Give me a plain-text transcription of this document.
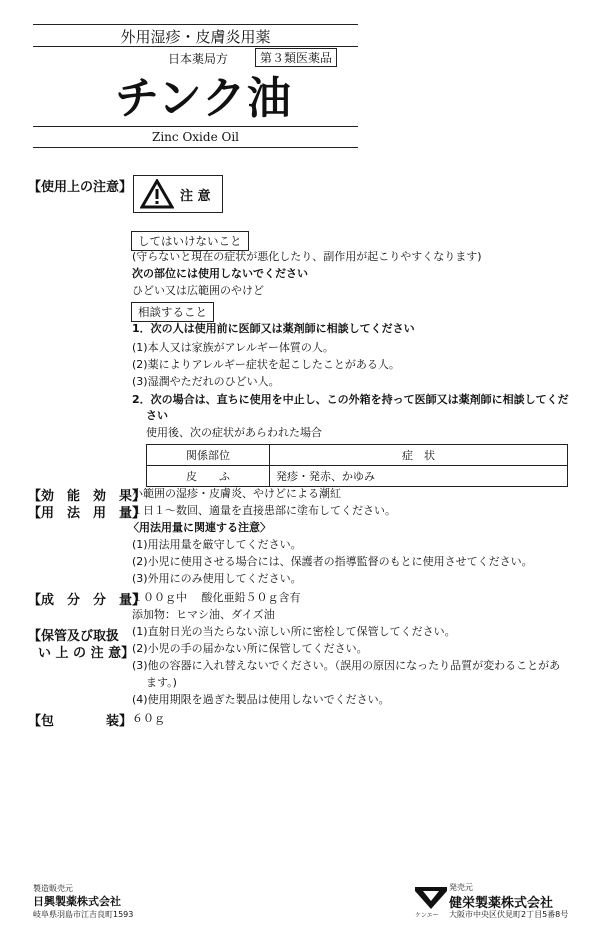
外用湿疹・皮膚炎用薬
日本薬局方	第３類医薬品
チンク油
Zinc Oxide Oil
【使用上の注意】
注 意
してはいけないこと
(守らないと現在の症状が悪化したり、副作用が起こりやすくなります)
次の部位には使用しないでください
ひどい又は広範囲のやけど
相談すること
1．次の人は使用前に医師又は薬剤師に相談してください
(1)本人又は家族がアレルギー体質の人。
(2)薬によりアレルギー症状を起こしたことがある人。
(3)湿潤やただれのひどい人。
2．次の場合は、直ちに使用を中止し、この外箱を持って医師又は薬剤師に相談してくだ
さい
使用後、次の症状があらわれた場合
関係部位	症　状
皮　　ふ	発疹・発赤、かゆみ
【効　能　効　果】
小範囲の湿疹・皮膚炎、やけどによる潮紅
【用　法　用　量】
１日１～数回、適量を直接患部に塗布してください。
〈用法用量に関連する注意〉
(1)用法用量を厳守してください。
(2)小児に使用させる場合には、保護者の指導監督のもとに使用させてください。
(3)外用にのみ使用してください。
【成　分　分　量】
１００ｇ中　 酸化亜鉛５０ｇ含有
添加物：ヒマシ油、ダイズ油
【保管及び取扱
い 上 の 注 意】
(1)直射日光の当たらない涼しい所に密栓して保管してください。
(2)小児の手の届かない所に保管してください。
(3)他の容器に入れ替えないでください。（誤用の原因になったり品質が変わることがあ
ます。)
(4)使用期限を過ぎた製品は使用しないでください。
【包　　　　装】 ６０ｇ
製造販売元
日興製薬株式会社
岐阜県羽島市江吉良町1593	ケンエー
発売元
健栄製薬株式会社
大阪市中央区伏見町2丁目5番8号
